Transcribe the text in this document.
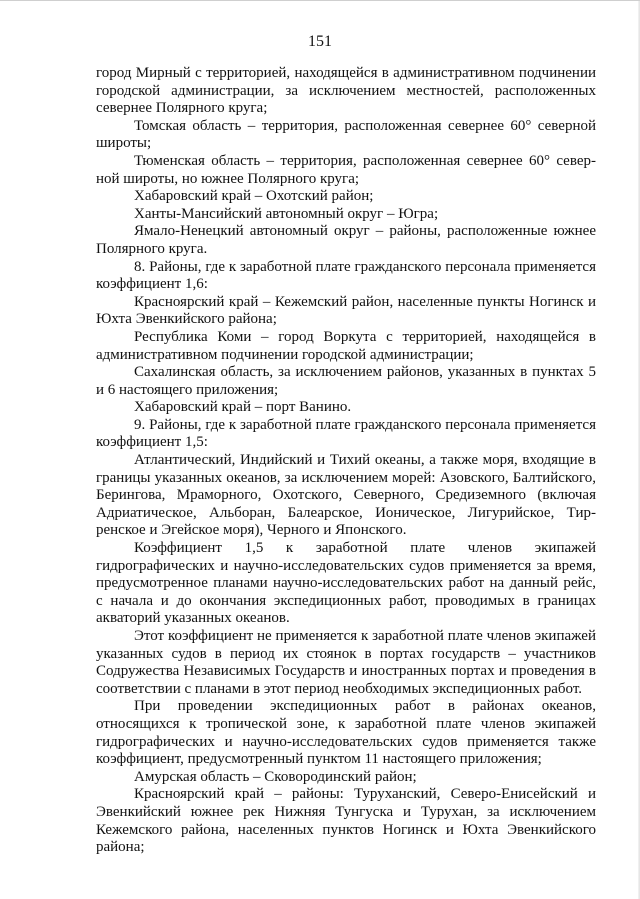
151

город Мирный с территорией, находящейся в административном подчинении городской администрации, за исключением местностей, расположенных севернее Полярного круга;

Томская область – территория, расположенная севернее 60° северной широты;

Тюменская область – территория, расположенная севернее 60° северной широты, но южнее Полярного круга;

Хабаровский край – Охотский район;

Ханты-Мансийский автономный округ – Югра;

Ямало-Ненецкий автономный округ – районы, расположенные южнее Полярного круга.

8. Районы, где к заработной плате гражданского персонала применяется коэффициент 1,6:

Красноярский край – Кежемский район, населенные пункты Ногинск и Юхта Эвенкийского района;

Республика Коми – город Воркута с территорией, находящейся в административном подчинении городской администрации;

Сахалинская область, за исключением районов, указанных в пунктах 5 и 6 настоящего приложения;

Хабаровский край – порт Ванино.

9. Районы, где к заработной плате гражданского персонала применяется коэффициент 1,5:

Атлантический, Индийский и Тихий океаны, а также моря, входящие в границы указанных океанов, за исключением морей: Азовского, Балтийского, Берингова, Мраморного, Охотского, Северного, Средиземного (включая Адриатическое, Альборан, Балеарское, Ионическое, Лигурийское, Тирренское и Эгейское моря), Черного и Японского.

Коэффициент 1,5 к заработной плате членов экипажей гидрографических и научно-исследовательских судов применяется за время, предусмотренное планами научно-исследовательских работ на данный рейс, с начала и до окончания экспедиционных работ, проводимых в границах акваторий указанных океанов.

Этот коэффициент не применяется к заработной плате членов экипажей указанных судов в период их стоянок в портах государств – участников Содружества Независимых Государств и иностранных портах и проведения в соответствии с планами в этот период необходимых экспедиционных работ.

При проведении экспедиционных работ в районах океанов, относящихся к тропической зоне, к заработной плате членов экипажей гидрографических и научно-исследовательских судов применяется также коэффициент, предусмотренный пунктом 11 настоящего приложения;

Амурская область – Сковородинский район;

Красноярский край – районы: Туруханский, Северо-Енисейский и Эвенкийский южнее рек Нижняя Тунгуска и Турухан, за исключением Кежемского района, населенных пунктов Ногинск и Юхта Эвенкийского района;
